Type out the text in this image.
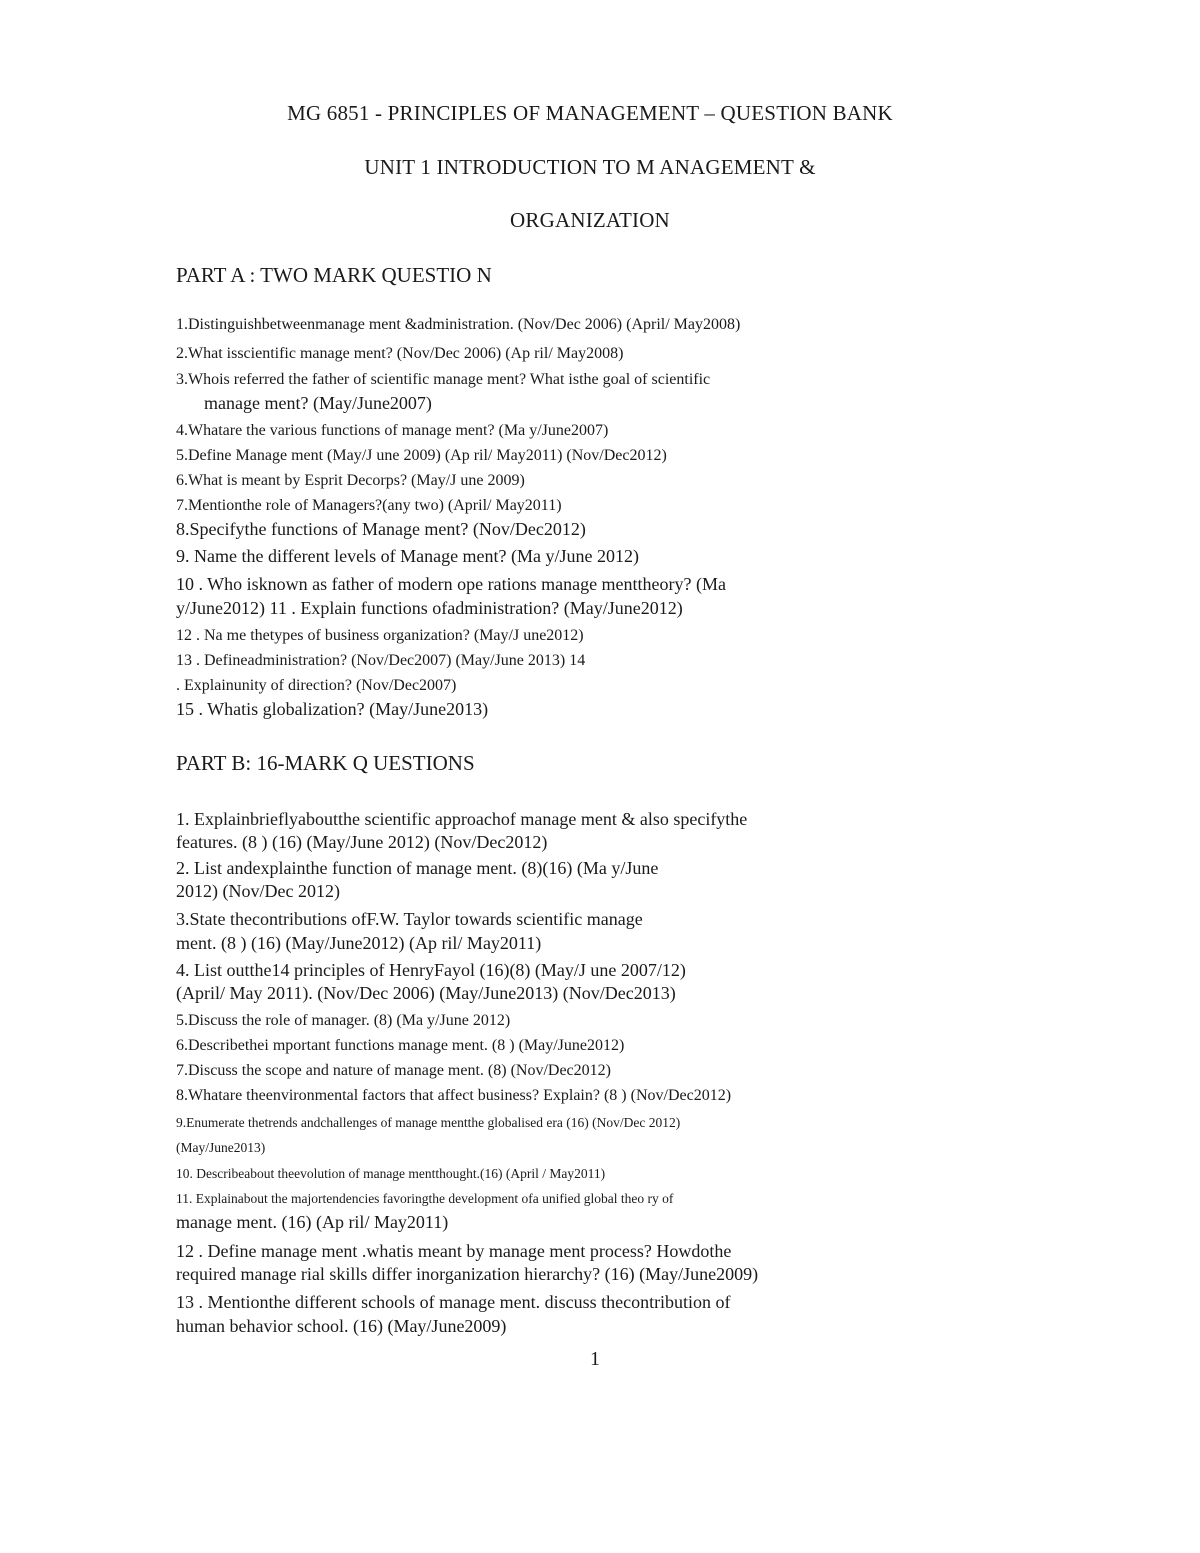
MG 6851 - PRINCIPLES OF MANAGEMENT – QUESTION BANK
UNIT 1 INTRODUCTION TO M ANAGEMENT &
ORGANIZATION
PART A : TWO MARK QUESTIO N
1.Distinguishbetweenmanage ment &administration. (Nov/Dec 2006) (April/ May2008)
2.What isscientific manage ment? (Nov/Dec 2006) (Ap ril/ May2008)
3.Whois referred the father of scientific manage ment? What isthe goal of scientific
manage ment? (May/June2007)
4.Whatare the various functions of manage ment? (Ma y/June2007)
5.Define Manage ment (May/J une 2009) (Ap ril/ May2011) (Nov/Dec2012)
6.What is meant by Esprit Decorps? (May/J une 2009)
7.Mentionthe role of Managers?(any two) (April/ May2011)
8.Specifythe functions of Manage ment? (Nov/Dec2012)
9. Name the different levels of Manage ment? (Ma y/June 2012)
10 . Who isknown as father of modern ope rations manage menttheory? (Ma
y/June2012) 11 . Explain functions ofadministration? (May/June2012)
12 . Na me thetypes of business organization? (May/J une2012)
13 . Defineadministration? (Nov/Dec2007) (May/June 2013) 14
. Explainunity of direction? (Nov/Dec2007)
15 . Whatis globalization? (May/June2013)
PART B: 16-MARK Q UESTIONS
1. Explainbrieflyaboutthe scientific approachof manage ment & also specifythe
features. (8 ) (16) (May/June 2012) (Nov/Dec2012)
2. List andexplainthe function of manage ment. (8)(16) (Ma y/June
2012) (Nov/Dec 2012)
3.State thecontributions ofF.W. Taylor towards scientific manage
ment. (8 ) (16) (May/June2012) (Ap ril/ May2011)
4. List outthe14 principles of HenryFayol (16)(8) (May/J une 2007/12)
(April/ May 2011). (Nov/Dec 2006) (May/June2013) (Nov/Dec2013)
5.Discuss the role of manager. (8) (Ma y/June 2012)
6.Describethei mportant functions manage ment. (8 ) (May/June2012)
7.Discuss the scope and nature of manage ment. (8) (Nov/Dec2012)
8.Whatare theenvironmental factors that affect business? Explain? (8 ) (Nov/Dec2012)
9.Enumerate thetrends andchallenges of manage mentthe globalised era (16) (Nov/Dec 2012)
(May/June2013)
10. Describeabout theevolution of manage mentthought.(16) (April / May2011)
11. Explainabout the majortendencies favoringthe development ofa unified global theo ry of
manage ment. (16) (Ap ril/ May2011)
12 . Define manage ment .whatis meant by manage ment process? Howdothe
required manage rial skills differ inorganization hierarchy? (16) (May/June2009)
13 . Mentionthe different schools of manage ment. discuss thecontribution of
human behavior school. (16) (May/June2009)
1
